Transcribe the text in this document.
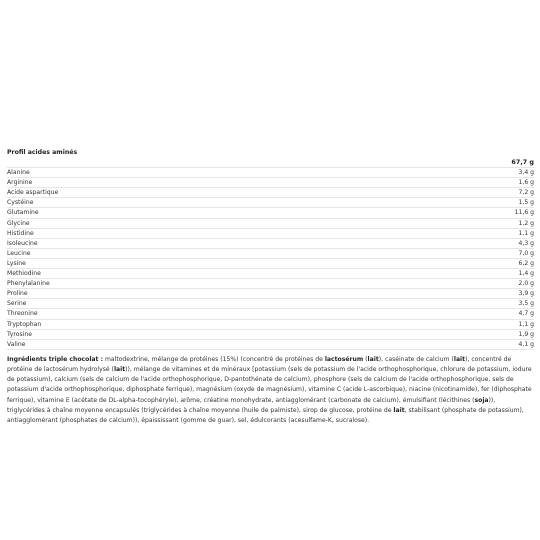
Profil acides aminés	
	67,7 g
Alanine	3,4 g
Arginine	1,6 g
Acide aspartique	7,2 g
Cystéine	1,5 g
Glutamine	11,6 g
Glycine	1,2 g
Histidine	1,1 g
Isoleucine	4,3 g
Leucine	7,0 g
Lysine	6,2 g
Methiodine	1,4 g
Phenylalanine	2,0 g
Proline	3,9 g
Serine	3,5 g
Threonine	4,7 g
Tryptophan	1,1 g
Tyrosine	1,9 g
Valine	4,1 g

Ingrédients triple chocolat : maltodextrine, mélange de protéines (15%) (concentré de protéines de lactosérum (lait), caséinate de calcium (lait), concentré de protéine de lactosérum hydrolysé (lait)), mélange de vitamines et de minéraux [potassium (sels de potassium de l'acide orthophosphorique, chlorure de potassium, iodure de potassium), calcium (sels de calcium de l'acide orthophosphorique, D-pantothénate de calcium), phosphore (sels de calcium de l'acide orthophosphorique, sels de potassium d'acide orthophosphorique, diphosphate ferrique), magnésium (oxyde de magnésium), vitamine C (acide L-ascorbique), niacine (nicotinamide), fer (diphosphate ferrique), vitamine E (acétate de DL-alpha-tocophéryle), arôme, créatine monohydrate, antiagglomérant (carbonate de calcium), émulsifiant (lécithines (soja)), triglycérides à chaîne moyenne encapsulés (triglycérides à chaîne moyenne (huile de palmiste), sirop de glucose, protéine de lait, stabilisant (phosphate de potassium), antiagglomérant (phosphates de calcium)), épaississant (gomme de guar), sel, édulcorants (acesulfame-K, sucralose).
